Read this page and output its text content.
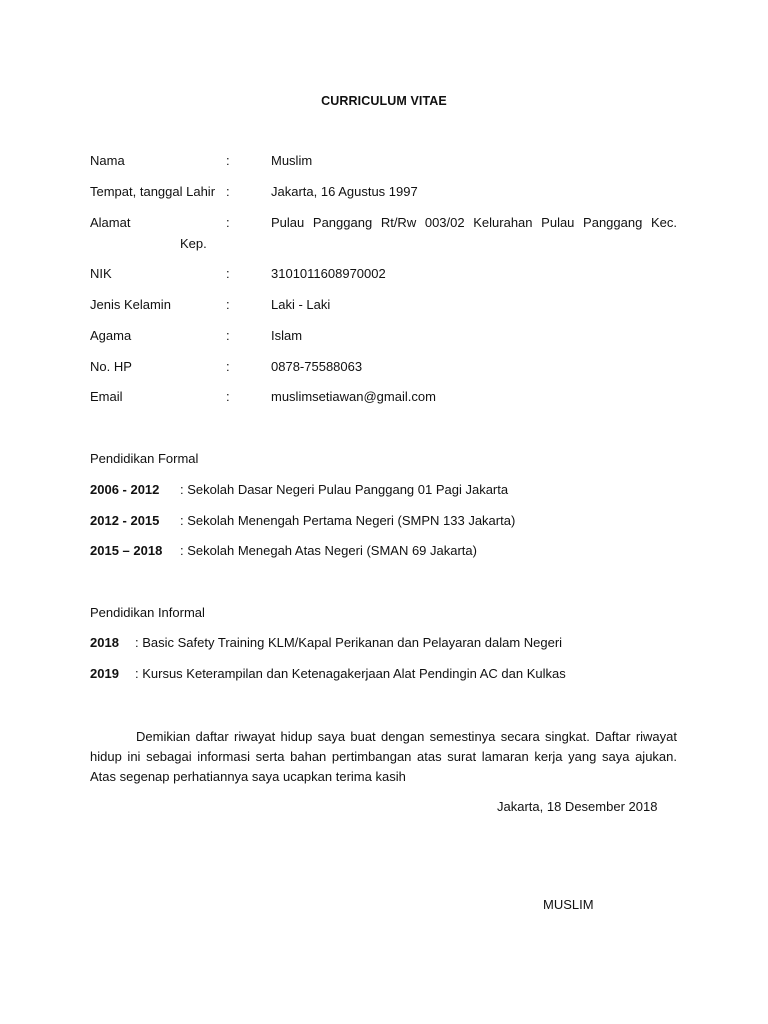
CURRICULUM VITAE
Nama	:	Muslim
Tempat, tanggal Lahir :	Jakarta, 16 Agustus 1997
Alamat	:	Pulau Panggang Rt/Rw 003/02 Kelurahan Pulau Panggang Kec.
Kep.
NIK	:	3101011608970002
Jenis Kelamin	:	Laki - Laki
Agama	:	Islam
No. HP	:	0878-75588063
Email	:	muslimsetiawan@gmail.com
Pendidikan Formal
2006 - 2012 : Sekolah Dasar Negeri Pulau Panggang 01 Pagi Jakarta
2012 - 2015 : Sekolah Menengah Pertama Negeri (SMPN 133 Jakarta)
2015 – 2018 : Sekolah Menegah Atas Negeri (SMAN 69 Jakarta)
Pendidikan Informal
2018 : Basic Safety Training KLM/Kapal Perikanan dan Pelayaran dalam Negeri
2019 : Kursus Keterampilan dan Ketenagakerjaan Alat Pendingin AC dan Kulkas
Demikian daftar riwayat hidup saya buat dengan semestinya secara singkat. Daftar riwayat hidup ini sebagai informasi serta bahan pertimbangan atas surat lamaran kerja yang saya ajukan. Atas segenap perhatiannya saya ucapkan terima kasih
Jakarta, 18 Desember 2018
MUSLIM
